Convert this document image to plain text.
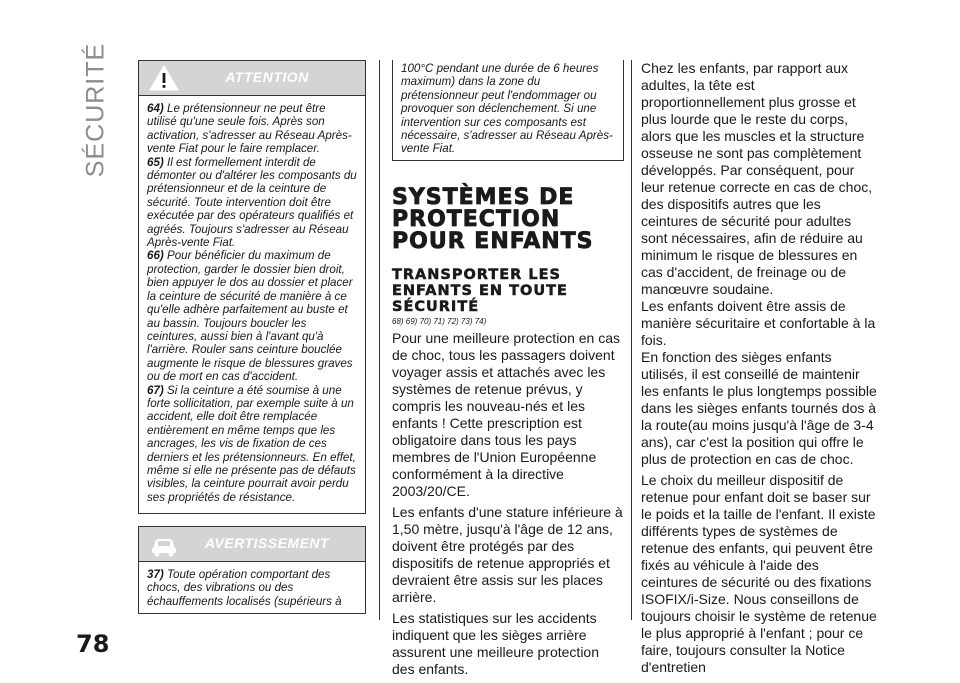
SÉCURITÉ
78
ATTENTION

64) Le prétensionneur ne peut être utilisé qu'une seule fois. Après son activation, s'adresser au Réseau Après-vente Fiat pour le faire remplacer.

65) Il est formellement interdit de démonter ou d'altérer les composants du prétensionneur et de la ceinture de sécurité. Toute intervention doit être exécutée par des opérateurs qualifiés et agréés. Toujours s'adresser au Réseau Après-vente Fiat.

66) Pour bénéficier du maximum de protection, garder le dossier bien droit, bien appuyer le dos au dossier et placer la ceinture de sécurité de manière à ce qu'elle adhère parfaitement au buste et au bassin. Toujours boucler les ceintures, aussi bien à l'avant qu'à l'arrière. Rouler sans ceinture bouclée augmente le risque de blessures graves ou de mort en cas d'accident.

67) Si la ceinture a été soumise à une forte sollicitation, par exemple suite à un accident, elle doit être remplacée entièrement en même temps que les ancrages, les vis de fixation de ces derniers et les prétensionneurs. En effet, même si elle ne présente pas de défauts visibles, la ceinture pourrait avoir perdu ses propriétés de résistance.

AVERTISSEMENT

37) Toute opération comportant des chocs, des vibrations ou des échauffements localisés (supérieurs à

100°C pendant une durée de 6 heures maximum) dans la zone du prétensionneur peut l'endommager ou provoquer son déclenchement. Si une intervention sur ces composants est nécessaire, s'adresser au Réseau Après-vente Fiat.

SYSTÈMES DE PROTECTION POUR ENFANTS
TRANSPORTER LES ENFANTS EN TOUTE SÉCURITÉ
68) 69) 70) 71) 72) 73) 74)

Pour une meilleure protection en cas de choc, tous les passagers doivent voyager assis et attachés avec les systèmes de retenue prévus, y compris les nouveau-nés et les enfants ! Cette prescription est obligatoire dans tous les pays membres de l'Union Européenne conformément à la directive 2003/20/CE.

Les enfants d'une stature inférieure à 1,50 mètre, jusqu'à l'âge de 12 ans, doivent être protégés par des dispositifs de retenue appropriés et devraient être assis sur les places arrière.

Les statistiques sur les accidents indiquent que les sièges arrière assurent une meilleure protection des enfants.

Chez les enfants, par rapport aux adultes, la tête est proportionnellement plus grosse et plus lourde que le reste du corps, alors que les muscles et la structure osseuse ne sont pas complètement développés. Par conséquent, pour leur retenue correcte en cas de choc, des dispositifs autres que les ceintures de sécurité pour adultes sont nécessaires, afin de réduire au minimum le risque de blessures en cas d'accident, de freinage ou de manœuvre soudaine.

Les enfants doivent être assis de manière sécuritaire et confortable à la fois.

En fonction des sièges enfants utilisés, il est conseillé de maintenir les enfants le plus longtemps possible dans les sièges enfants tournés dos à la route(au moins jusqu'à l'âge de 3-4 ans), car c'est la position qui offre le plus de protection en cas de choc.

Le choix du meilleur dispositif de retenue pour enfant doit se baser sur le poids et la taille de l'enfant. Il existe différents types de systèmes de retenue des enfants, qui peuvent être fixés au véhicule à l'aide des ceintures de sécurité ou des fixations ISOFIX/i-Size. Nous conseillons de toujours choisir le système de retenue le plus approprié à l'enfant ; pour ce faire, toujours consulter la Notice d'entretien
